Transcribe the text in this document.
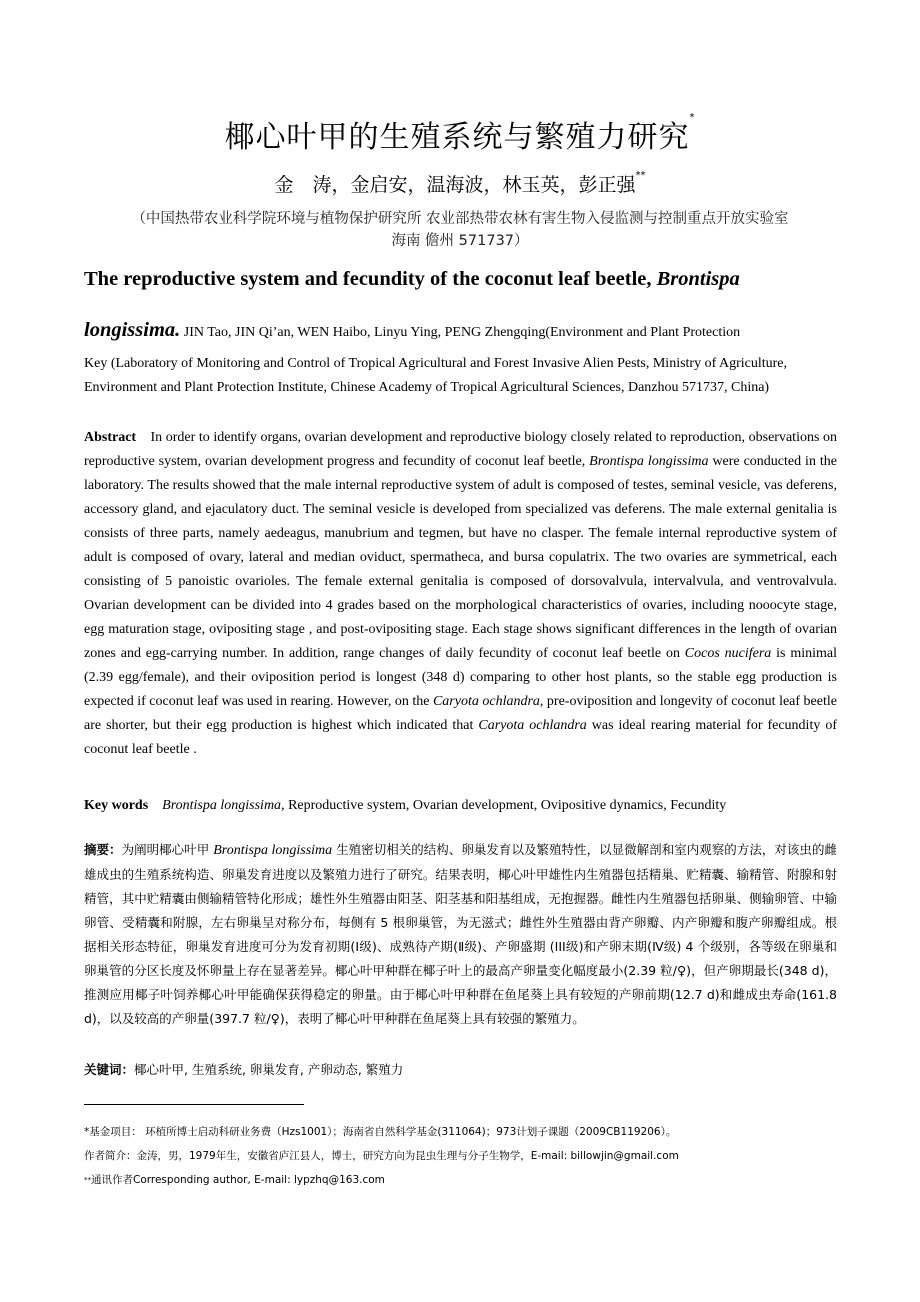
椰心叶甲的生殖系统与繁殖力研究*
金　涛，金启安，温海波，林玉英，彭正强**
（中国热带农业科学院环境与植物保护研究所 农业部热带农林有害生物入侵监测与控制重点开放实验室
海南 儋州 571737）
The reproductive system and fecundity of the coconut leaf beetle, Brontispa
longissima. JIN Tao, JIN Qi’an, WEN Haibo, Linyu Ying, PENG Zhengqing(Environment and Plant Protection
Key (Laboratory of Monitoring and Control of Tropical Agricultural and Forest Invasive Alien Pests, Ministry of Agriculture, Environment and Plant Protection Institute, Chinese Academy of Tropical Agricultural Sciences, Danzhou 571737, China)
Abstract In order to identify organs, ovarian development and reproductive biology closely related to reproduction, observations on reproductive system, ovarian development progress and fecundity of coconut leaf beetle, Brontispa longissima were conducted in the laboratory. The results showed that the male internal reproductive system of adult is composed of testes, seminal vesicle, vas deferens, accessory gland, and ejaculatory duct. The seminal vesicle is developed from specialized vas deferens. The male external genitalia is consists of three parts, namely aedeagus, manubrium and tegmen, but have no clasper. The female internal reproductive system of adult is composed of ovary, lateral and median oviduct, spermatheca, and bursa copulatrix. The two ovaries are symmetrical, each consisting of 5 panoistic ovarioles. The female external genitalia is composed of dorsovalvula, intervalvula, and ventrovalvula. Ovarian development can be divided into 4 grades based on the morphological characteristics of ovaries, including nooocyte stage, egg maturation stage, ovipositing stage , and post-ovipositing stage. Each stage shows significant differences in the length of ovarian zones and egg-carrying number. In addition, range changes of daily fecundity of coconut leaf beetle on Cocos nucifera is minimal (2.39 egg/female), and their oviposition period is longest (348 d) comparing to other host plants, so the stable egg production is expected if coconut leaf was used in rearing. However, on the Caryota ochlandra, pre-oviposition and longevity of coconut leaf beetle are shorter, but their egg production is highest which indicated that Caryota ochlandra was ideal rearing material for fecundity of coconut leaf beetle .
Key words Brontispa longissima, Reproductive system, Ovarian development, Ovipositive dynamics, Fecundity
摘要：为阐明椰心叶甲 Brontispa longissima 生殖密切相关的结构、卵巢发育以及繁殖特性，以显微解剖和室内观察的方法，对该虫的雌雄成虫的生殖系统构造、卵巢发育进度以及繁殖力进行了研究。结果表明，椰心叶甲雄性内生殖器包括精巢、贮精囊、输精管、附腺和射精管，其中贮精囊由侧输精管特化形成；雄性外生殖器由阳茎、阳茎基和阳基组成，无抱握器。雌性内生殖器包括卵巢、侧输卵管、中输卵管、受精囊和附腺，左右卵巢呈对称分布，每侧有 5 根卵巢管，为无滋式；雌性外生殖器由背产卵瓣、内产卵瓣和腹产卵瓣组成。根据相关形态特征，卵巢发育进度可分为发育初期(Ⅰ级)、成熟待产期(Ⅱ级)、产卵盛期 (III级)和产卵末期(Ⅳ级) 4 个级别，各等级在卵巢和卵巢管的分区长度及怀卵量上存在显著差异。椰心叶甲种群在椰子叶上的最高产卵量变化幅度最小(2.39 粒/♀)，但产卵期最长(348 d)，推测应用椰子叶饲养椰心叶甲能确保获得稳定的卵量。由于椰心叶甲种群在鱼尾葵上具有较短的产卵前期(12.7 d)和雌成虫寿命(161.8 d)，以及较高的产卵量(397.7 粒/♀)，表明了椰心叶甲种群在鱼尾葵上具有较强的繁殖力。
关键词：椰心叶甲, 生殖系统, 卵巢发育, 产卵动态, 繁殖力
*基金项目： 环植所博士启动科研业务费（Hzs1001）；海南省自然科学基金(311064)；973计划子课题（2009CB119206）。
作者简介：金涛，男，1979年生，安徽省庐江县人，博士，研究方向为昆虫生理与分子生物学，E-mail: billowjin@gmail.com
**通讯作者Corresponding author, E-mail: lypzhq@163.com
